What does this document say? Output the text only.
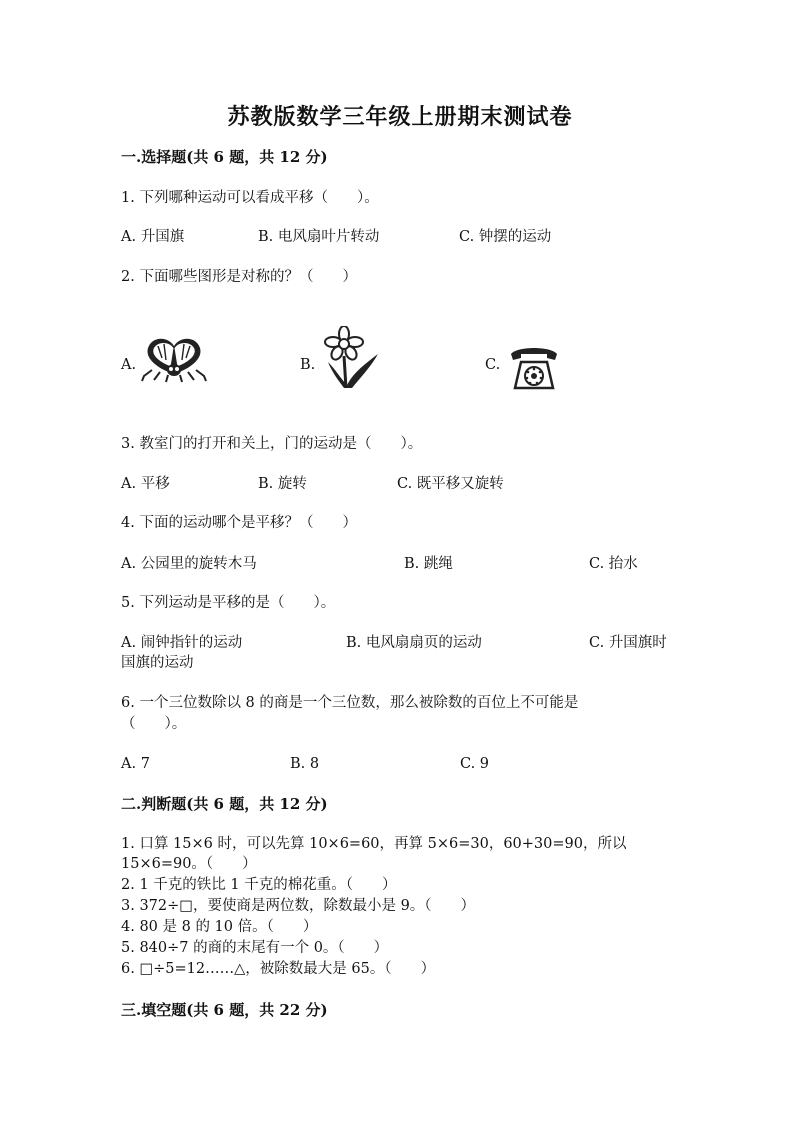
苏教版数学三年级上册期末测试卷
一.选择题(共 6 题，共 12 分)
1. 下列哪种运动可以看成平移（　　）。
A. 升国旗	B. 电风扇叶片转动	C. 钟摆的运动
2. 下面哪些图形是对称的？（　　）
A.	B.	C.
3. 教室门的打开和关上，门的运动是（　　）。
A. 平移	B. 旋转	C. 既平移又旋转
4. 下面的运动哪个是平移？（　　）
A. 公园里的旋转木马	B. 跳绳	C. 抬水
5. 下列运动是平移的是（　　）。
A. 闹钟指针的运动	B. 电风扇扇页的运动	C. 升国旗时
国旗的运动
6. 一个三位数除以 8 的商是一个三位数，那么被除数的百位上不可能是
（　　）。
A. 7	B. 8	C. 9
二.判断题(共 6 题，共 12 分)
1. 口算 15×6 时，可以先算 10×6=60，再算 5×6=30，60+30=90，所以
15×6=90。（　　）
2. 1 千克的铁比 1 千克的棉花重。（　　）
3. 372÷□，要使商是两位数，除数最小是 9。（　　）
4. 80 是 8 的 10 倍。（　　）
5. 840÷7 的商的末尾有一个 0。（　　）
6. □÷5=12……△，被除数最大是 65。（　　）
三.填空题(共 6 题，共 22 分)
